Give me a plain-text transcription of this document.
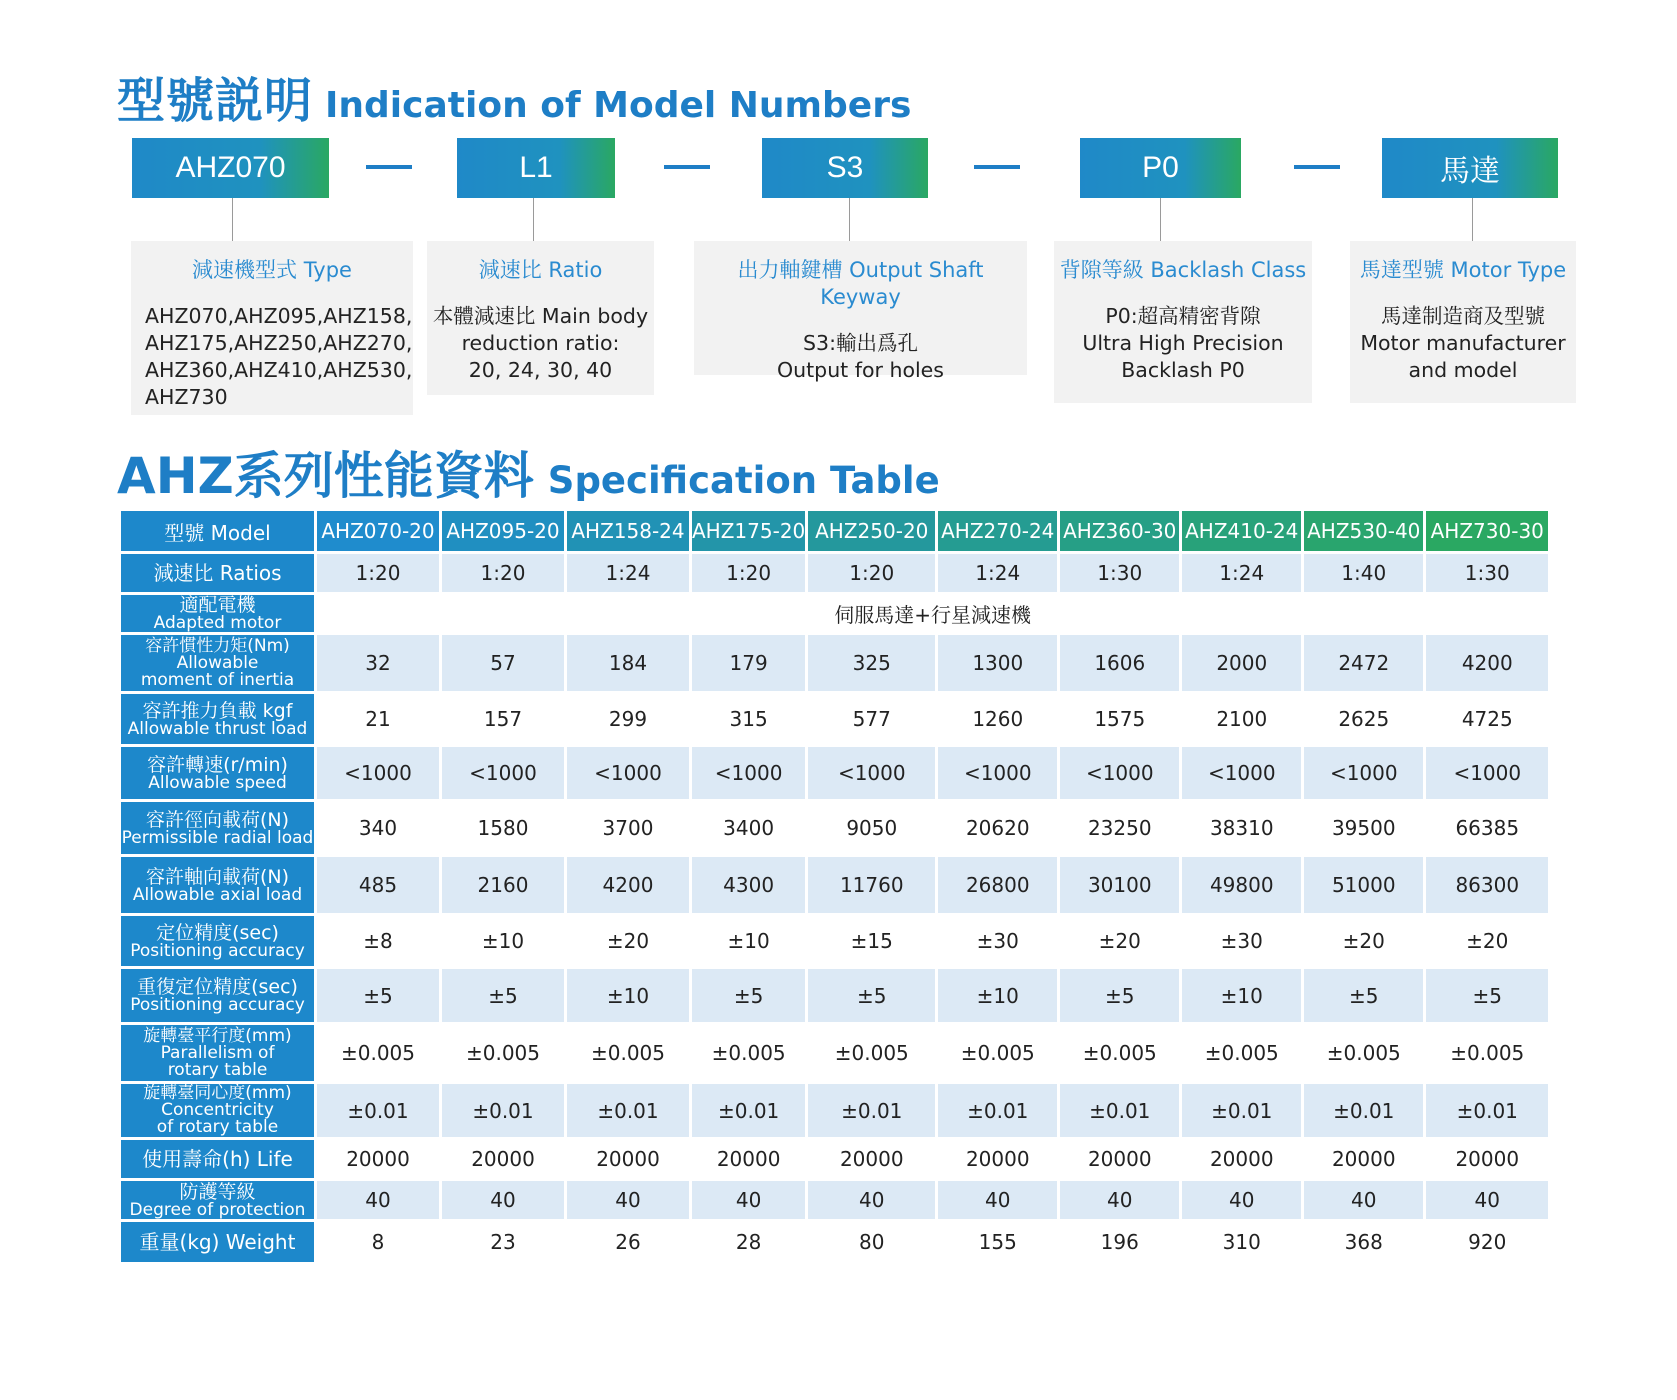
型號説明 Indication of Model Numbers
AHZ070	L1	S3	P0	馬達
減速機型式 Type
AHZ070,AHZ095,AHZ158,
AHZ175,AHZ250,AHZ270,
AHZ360,AHZ410,AHZ530,
AHZ730
減速比 Ratio
本體減速比 Main body
reduction ratio:
20, 24, 30, 40
出力軸鍵槽 Output Shaft Keyway
S3:輸出爲孔
Output for holes
背隙等級 Backlash Class
P0:超高精密背隙
Ultra High Precision
Backlash P0
馬達型號 Motor Type
馬達制造商及型號
Motor manufacturer
and model
AHZ系列性能資料 Specification Table
型號 Model	AHZ070-20	AHZ095-20	AHZ158-24	AHZ175-20	AHZ250-20	AHZ270-24	AHZ360-30	AHZ410-24	AHZ530-40	AHZ730-30

減速比 Ratios	1:20	1:20	1:24	1:20	1:20	1:24	1:30	1:24	1:40	1:30

適配電機
Adapted motor	伺服馬達+行星減速機									

容許慣性力矩(Nm)
Allowable
moment of inertia	32	57	184	179	325	1300	1606	2000	2472	4200

容許推力負載 kgf
Allowable thrust load	21	157	299	315	577	1260	1575	2100	2625	4725

容許轉速(r/min)
Allowable speed	<1000	<1000	<1000	<1000	<1000	<1000	<1000	<1000	<1000	<1000

容許徑向載荷(N)
Permissible radial load	340	1580	3700	3400	9050	20620	23250	38310	39500	66385

容許軸向載荷(N)
Allowable axial load	485	2160	4200	4300	11760	26800	30100	49800	51000	86300

定位精度(sec)
Positioning accuracy	±8	±10	±20	±10	±15	±30	±20	±30	±20	±20

重復定位精度(sec)
Positioning accuracy	±5	±5	±10	±5	±5	±10	±5	±10	±5	±5

旋轉臺平行度(mm)
Parallelism of
rotary table	±0.005	±0.005	±0.005	±0.005	±0.005	±0.005	±0.005	±0.005	±0.005	±0.005

旋轉臺同心度(mm)
Concentricity
of rotary table	±0.01	±0.01	±0.01	±0.01	±0.01	±0.01	±0.01	±0.01	±0.01	±0.01

使用壽命(h) Life	20000	20000	20000	20000	20000	20000	20000	20000	20000	20000

防護等級
Degree of protection	40	40	40	40	40	40	40	40	40	40

重量(kg) Weight	8	23	26	28	80	155	196	310	368	920
